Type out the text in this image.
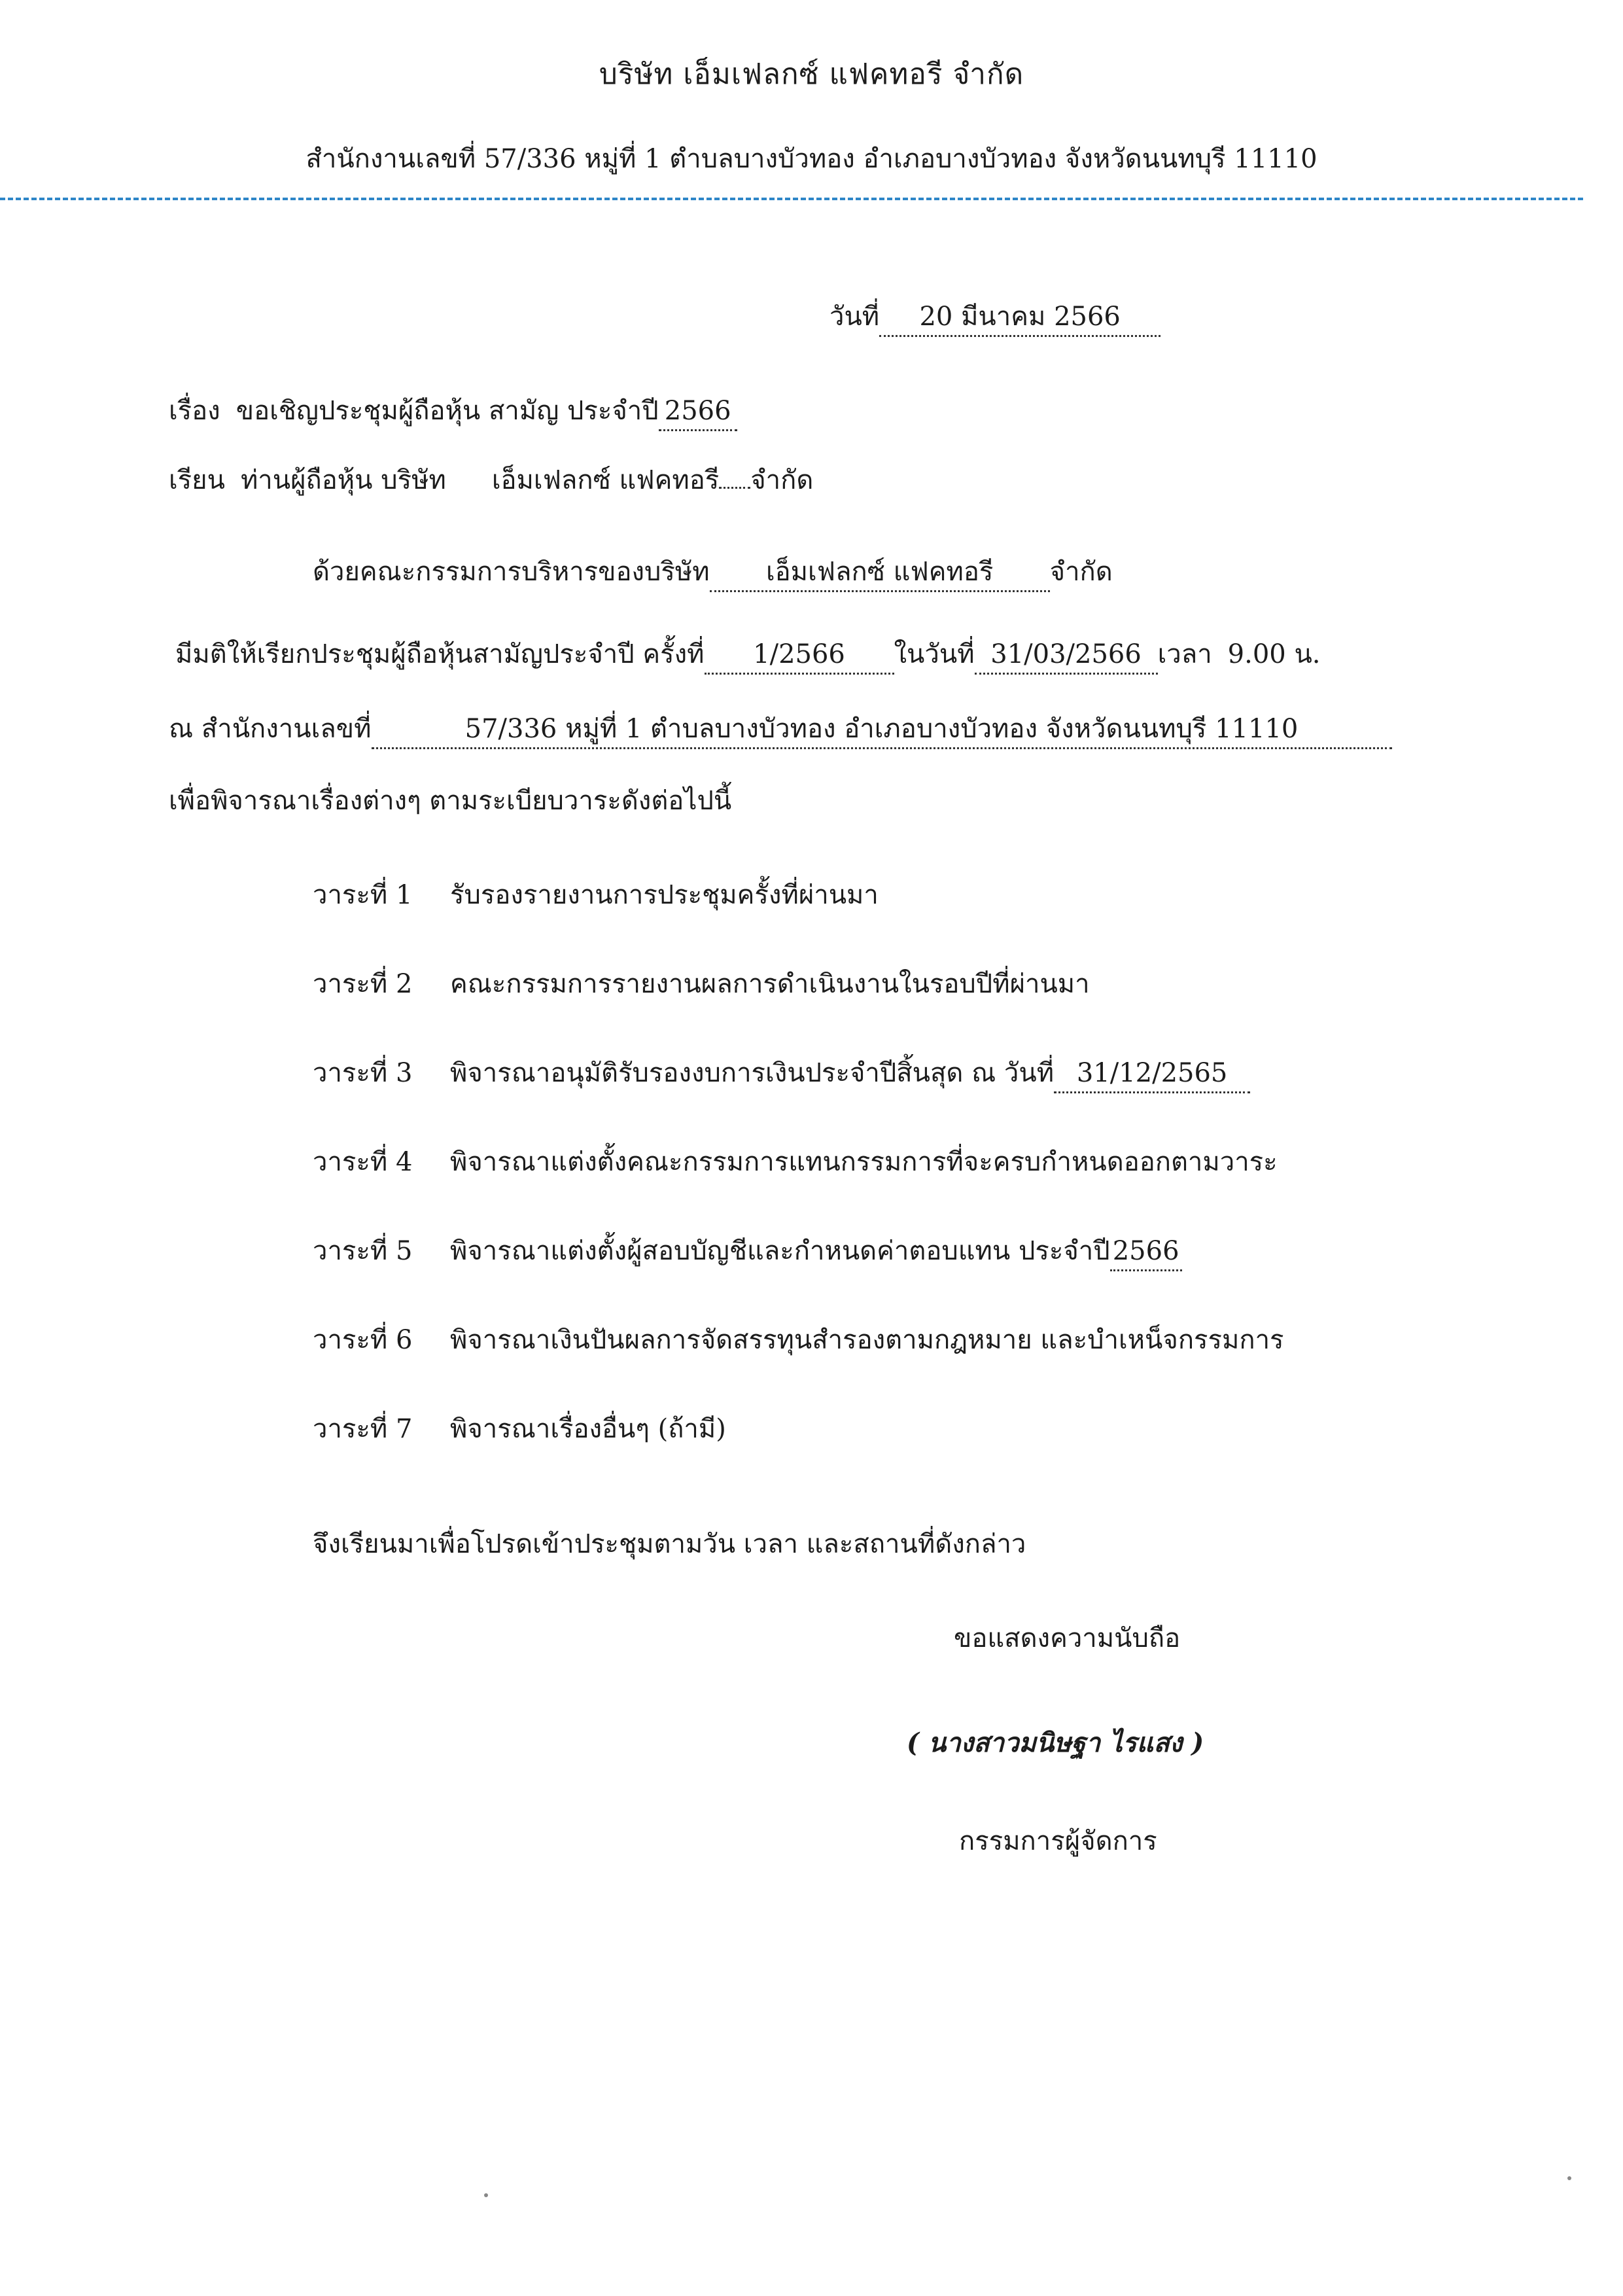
บริษัท เอ็มเฟลกซ์ แฟคทอรี จำกัด
สำนักงานเลขที่ 57/336 หมู่ที่ 1 ตำบลบางบัวทอง อำเภอบางบัวทอง จังหวัดนนทบุรี 11110
วันที่ 20 มีนาคม 2566
เรื่อง ขอเชิญประชุมผู้ถือหุ้น สามัญ ประจำปี 2566
เรียน ท่านผู้ถือหุ้น บริษัท เอ็มเฟลกซ์ แฟคทอรี จำกัด
ด้วยคณะกรรมการบริหารของบริษัท เอ็มเฟลกซ์ แฟคทอรี จำกัด
มีมติให้เรียกประชุมผู้ถือหุ้นสามัญประจำปี ครั้งที่ 1/2566 ในวันที่ 31/03/2566 เวลา 9.00 น.
ณ สำนักงานเลขที่	57/336 หมู่ที่ 1 ตำบลบางบัวทอง อำเภอบางบัวทอง จังหวัดนนทบุรี 11110
เพื่อพิจารณาเรื่องต่างๆ ตามระเบียบวาระดังต่อไปนี้
วาระที่ 1 รับรองรายงานการประชุมครั้งที่ผ่านมา
วาระที่ 2 คณะกรรมการรายงานผลการดำเนินงานในรอบปีที่ผ่านมา
วาระที่ 3 พิจารณาอนุมัติรับรองงบการเงินประจำปีสิ้นสุด ณ วันที่ 31/12/2565
วาระที่ 4 พิจารณาแต่งตั้งคณะกรรมการแทนกรรมการที่จะครบกำหนดออกตามวาระ
วาระที่ 5 พิจารณาแต่งตั้งผู้สอบบัญชีและกำหนดค่าตอบแทน ประจำปี 2566
วาระที่ 6 พิจารณาเงินปันผลการจัดสรรทุนสำรองตามกฎหมาย และบำเหน็จกรรมการ
วาระที่ 7 พิจารณาเรื่องอื่นๆ (ถ้ามี)
จึงเรียนมาเพื่อโปรดเข้าประชุมตามวัน เวลา และสถานที่ดังกล่าว
ขอแสดงความนับถือ
( นางสาวมนิษฐา ไรแสง )
กรรมการผู้จัดการ
